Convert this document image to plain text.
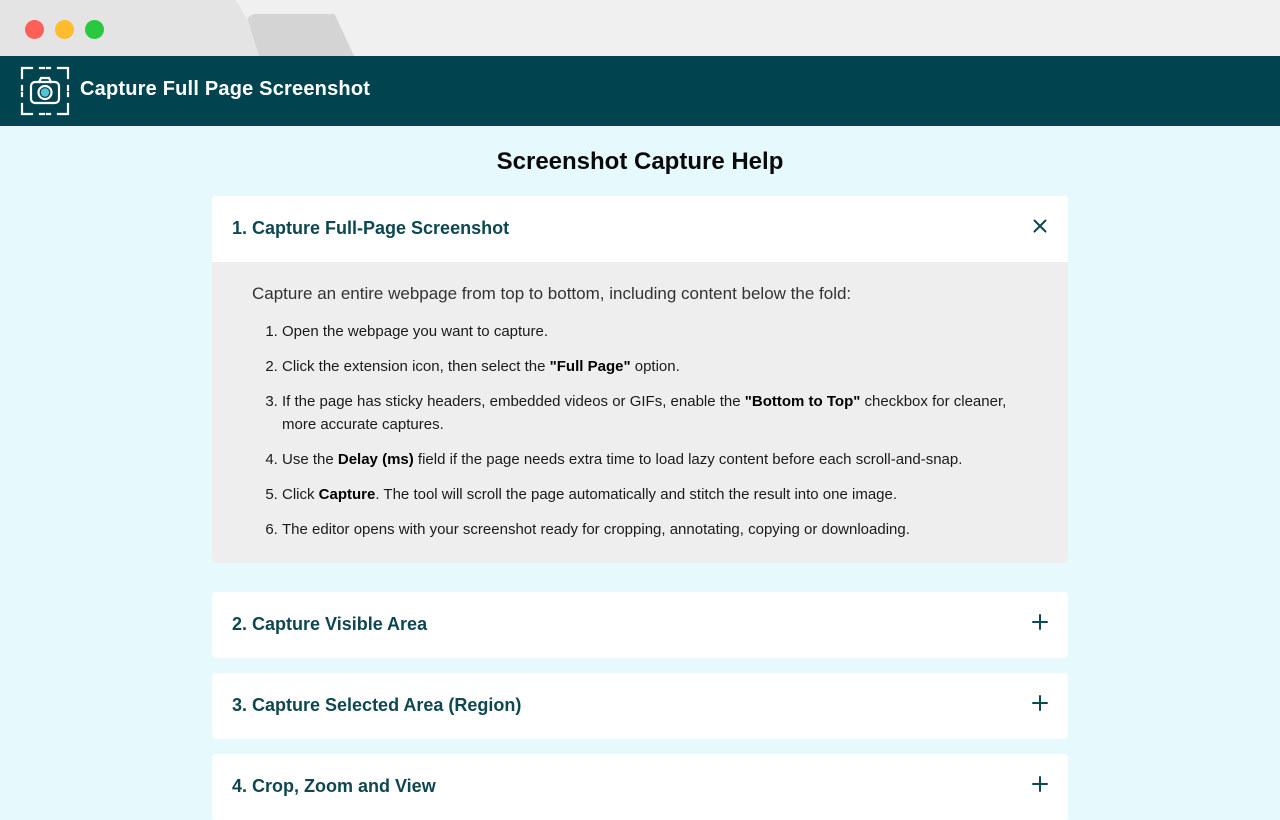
Capture Full Page Screenshot
Screenshot Capture Help
1. Capture Full-Page Screenshot
Capture an entire webpage from top to bottom, including content below the fold:
1. Open the webpage you want to capture.
2. Click the extension icon, then select the "Full Page" option.
3. If the page has sticky headers, embedded videos or GIFs, enable the "Bottom to Top" checkbox for cleaner, more accurate captures.
4. Use the Delay (ms) field if the page needs extra time to load lazy content before each scroll-and-snap.
5. Click Capture. The tool will scroll the page automatically and stitch the result into one image.
6. The editor opens with your screenshot ready for cropping, annotating, copying or downloading.
2. Capture Visible Area
3. Capture Selected Area (Region)
4. Crop, Zoom and View
